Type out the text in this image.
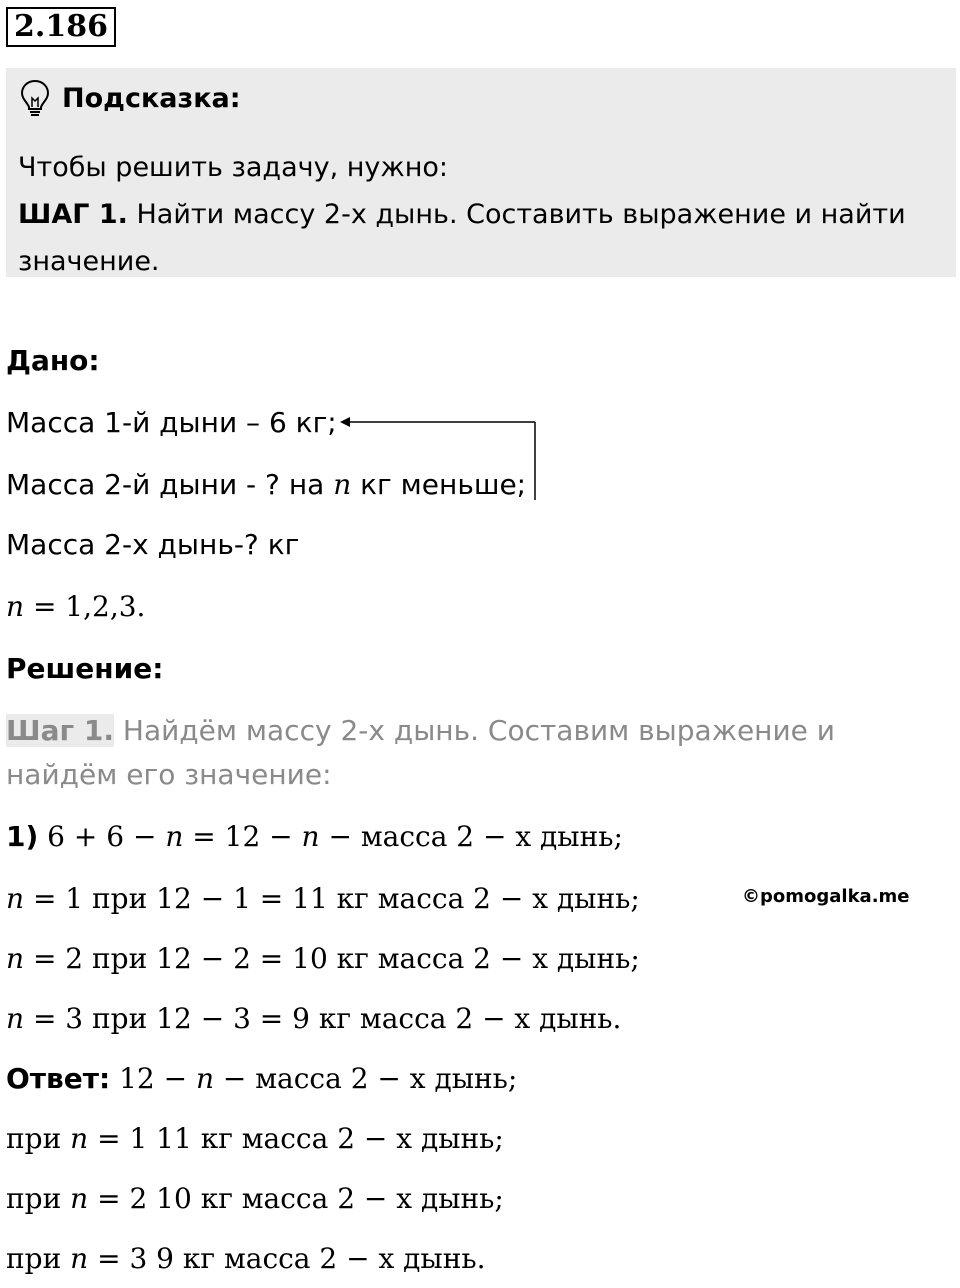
2.186
Подсказка:
Чтобы решить задачу, нужно:
ШАГ 1. Найти массу 2-х дынь. Составить выражение и найти значение.
Дано:
Масса 1-й дыни – 6 кг;
Масса 2-й дыни - ? на n кг меньше;
Масса 2-х дынь-? кг
n = 1,2,3.
Решение:
Шаг 1. Найдём массу 2-х дынь. Составим выражение и
найдём его значение:
1) 6 + 6 − n = 12 − n − масса 2 − х дынь;
n = 1 при 12 − 1 = 11 кг масса 2 − х дынь;	©pomogalka.me
n = 2 при 12 − 2 = 10 кг масса 2 − х дынь;
n = 3 при 12 − 3 = 9 кг масса 2 − х дынь.
Ответ: 12 − n − масса 2 − х дынь;
при n = 1 11 кг масса 2 − х дынь;
при n = 2 10 кг масса 2 − х дынь;
при n = 3 9 кг масса 2 − х дынь.
